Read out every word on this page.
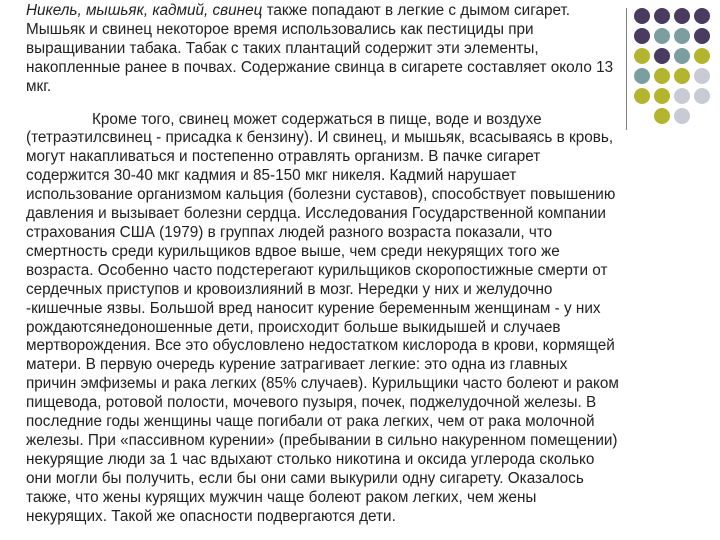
Никель, мышьяк, кадмий, свинец также попадают в легкие с дымом сигарет. Мышьяк и свинец некоторое время использовались как пестициды при выращивании табака. Табак с таких плантаций содержит эти элементы, накопленные ранее в почвах. Содержание свинца в сигарете составляет около 13 мкг.

Кроме того, свинец может содержаться в пище, воде и воздухе (тетраэтилсвинец - присадка к бензину). И свинец, и мышьяк, всасываясь в кровь, могут накапливаться и постепенно отравлять организм. В пачке сигарет содержится 30-40 мкг кадмия и 85-150 мкг никеля. Кадмий нарушает использование организмом кальция (болезни суставов), способствует повышению давления и вызывает болезни сердца. Исследования Государственной компании страхования США (1979) в группах людей разного возраста показали, что смертность среди курильщиков вдвое выше, чем среди некурящих того же возраста. Особенно часто подстерегают курильщиков скоропостижные смерти от сердечных приступов и кровоизлияний в мозг. Нередки у них и желудочно -кишечные язвы. Большой вред наносит курение беременным женщинам - у них рождаютсянедоношенные дети, происходит больше выкидышей и случаев мертворождения. Все это обусловлено недостатком кислорода в крови, кормящей матери. В первую очередь курение затрагивает легкие: это одна из главных причин эмфиземы и рака легких (85% случаев). Курильщики часто болеют и раком пищевода, ротовой полости, мочевого пузыря, почек, поджелудочной железы. В последние годы женщины чаще погибали от рака легких, чем от рака молочной железы. При «пассивном курении» (пребывании в сильно накуренном помещении) некурящие люди за 1 час вдыхают столько никотина и оксида углерода сколько они могли бы получить, если бы они сами выкурили одну сигарету. Оказалось также, что жены курящих мужчин чаще болеют раком легких, чем жены некурящих. Такой же опасности подвергаются дети.
